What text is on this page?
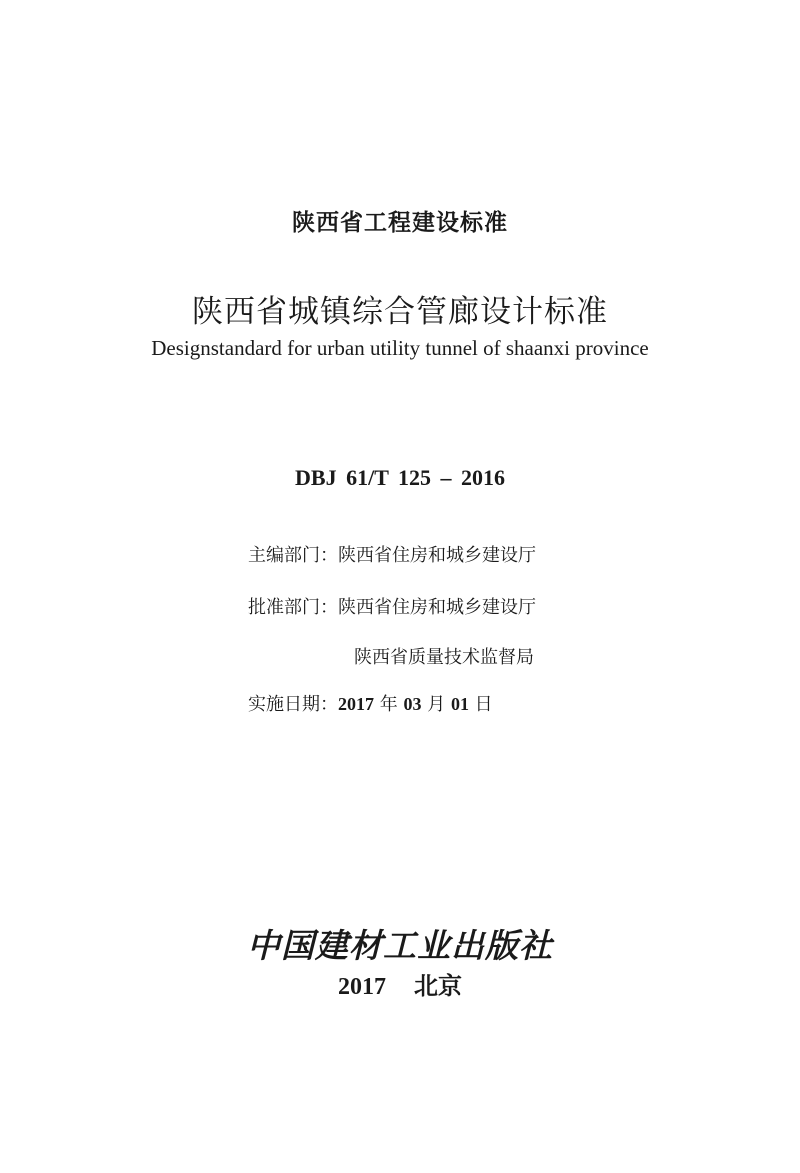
陕西省工程建设标准
陕西省城镇综合管廊设计标准
Designstandard for urban utility tunnel of shaanxi province
DBJ 61/T 125 – 2016
主编部门：陕西省住房和城乡建设厅
批准部门：陕西省住房和城乡建设厅
陕西省质量技术监督局
实施日期：2017 年 03 月 01 日
中国建材工业出版社
2017 北京
